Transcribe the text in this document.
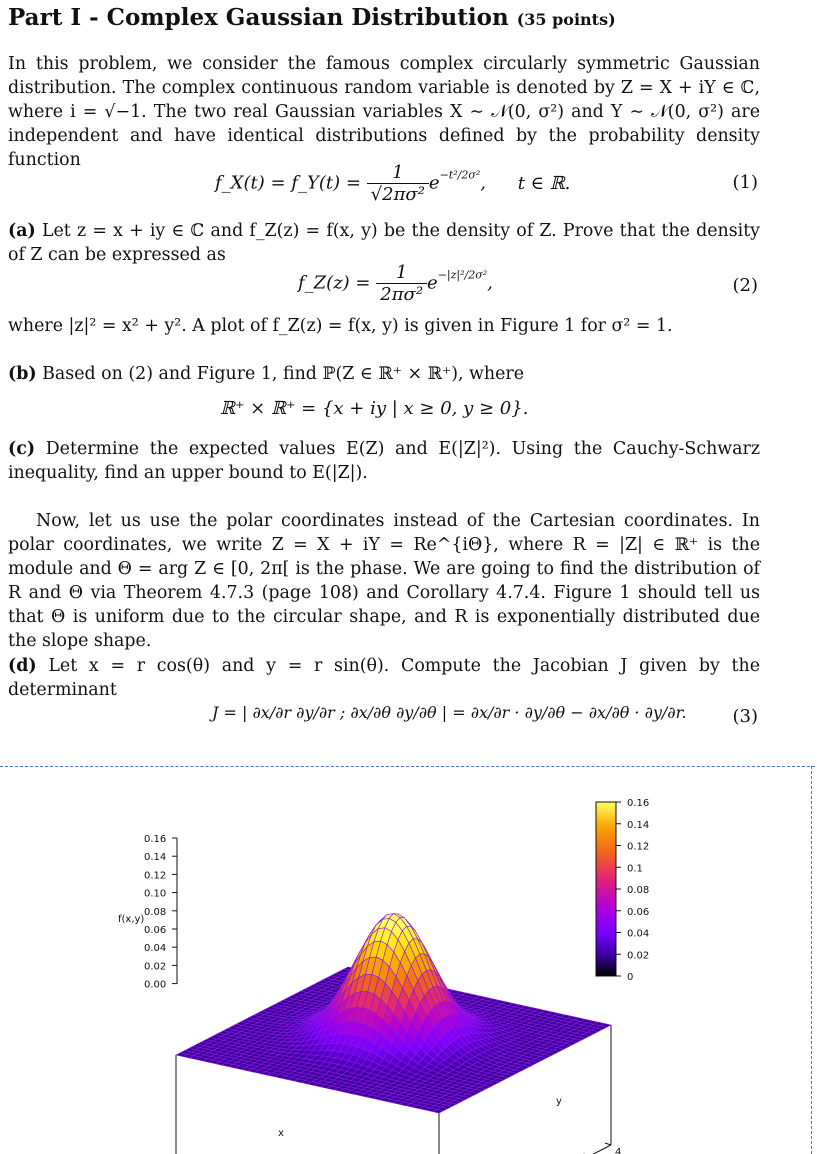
Part I - Complex Gaussian Distribution (35 points)

In this problem, we consider the famous complex circularly symmetric Gaussian distribution. The complex continuous random variable is denoted by Z = X + iY ∈ ℂ, where i = √−1. The two real Gaussian variables X ∼ 𝒩(0, σ²) and Y ∼ 𝒩(0, σ²) are independent and have identical distributions defined by the probability density function

f_X(t) = f_Y(t) = $\frac{1}{\text{√2πσ²}} e^{-t^2/2\sigma^2}$, t ∈ ℝ.	(1)

(a) Let z = x + iy ∈ ℂ and f_Z(z) = f(x, y) be the density of Z. Prove that the density of Z can be expressed as

f_Z(z) = $\frac{1}{\text{2πσ²}} e^{-|z|^2/2\sigma^2}$,	(2)

where |z|² = x² + y². A plot of f_Z(z) = f(x, y) is given in Figure 1 for σ² = 1.

(b) Based on (2) and Figure 1, find ℙ(Z ∈ ℝ⁺ × ℝ⁺), where

ℝ⁺ × ℝ⁺ = {x + iy | x ≥ 0, y ≥ 0}.

(c) Determine the expected values E(Z) and E(|Z|²). Using the Cauchy-Schwarz inequality, find an upper bound to E(|Z|).

Now, let us use the polar coordinates instead of the Cartesian coordinates. In polar coordinates, we write Z = X + iY = Re^{iΘ}, where R = |Z| ∈ ℝ⁺ is the module and Θ = arg Z ∈ [0, 2π[ is the phase. We are going to find the distribution of R and Θ via Theorem 4.7.3 (page 108) and Corollary 4.7.4. Figure 1 should tell us that Θ is uniform due to the circular shape, and R is exponentially distributed due the slope shape.

(d) Let x = r cos(θ) and y = r sin(θ). Compute the Jacobian J given by the determinant

J = | ∂x/∂r ∂y/∂r ; ∂x/∂θ ∂y/∂θ | = ∂x/∂r · ∂y/∂θ − ∂x/∂θ · ∂y/∂r.	(3)
0.16
0.14
0.12
0.10
0.08
0.06
0.04
0.02
0.00
4
0.16
0.14
0.12
0.1
0.08
0.06
0.04
0.02
0
f(x,y)
x
y
